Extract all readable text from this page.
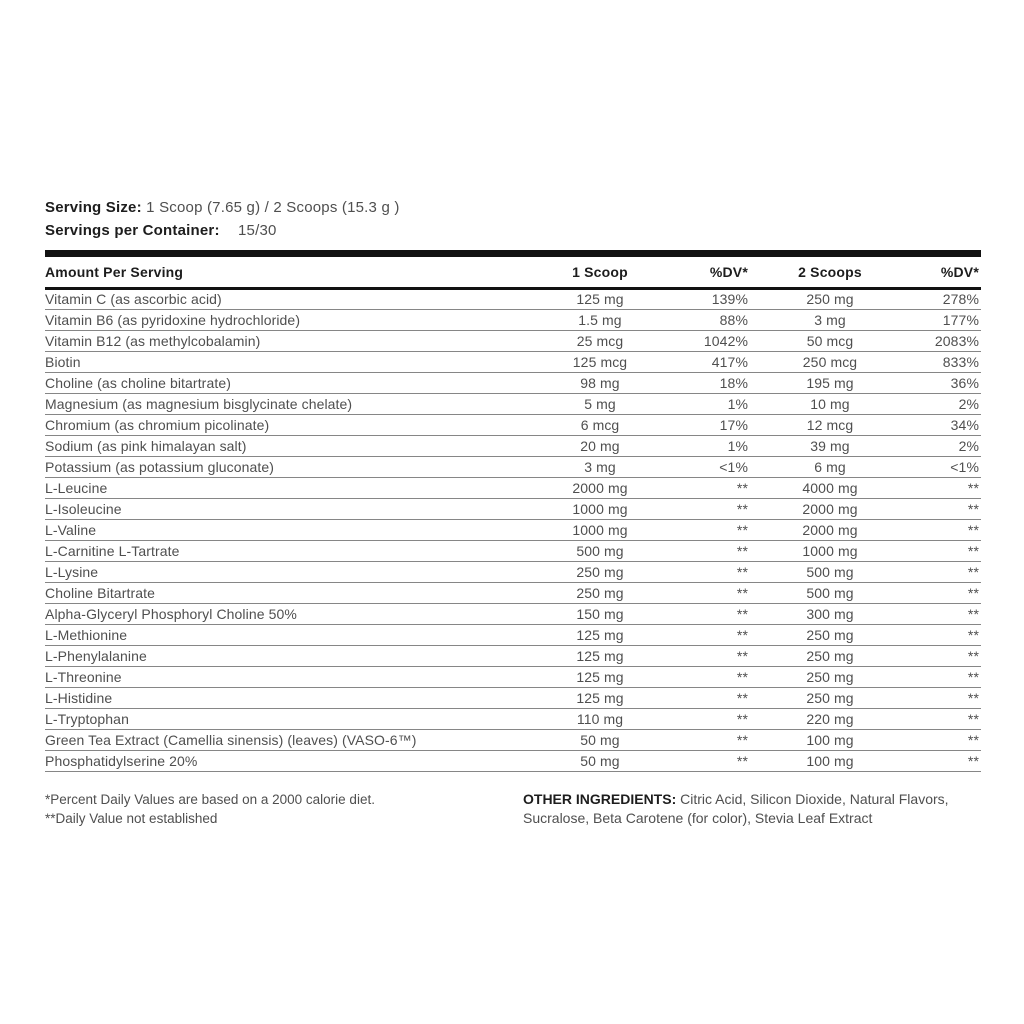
Serving Size: 1 Scoop (7.65 g) / 2 Scoops (15.3 g )
Servings per Container: 15/30
Amount Per Serving	1 Scoop	%DV*	2 Scoops	%DV*
Vitamin C (as ascorbic acid)	125 mg	139%	250 mg	278%
Vitamin B6 (as pyridoxine hydrochloride)	1.5 mg	88%	3 mg	177%
Vitamin B12 (as methylcobalamin)	25 mcg	1042%	50 mcg	2083%
Biotin	125 mcg	417%	250 mcg	833%
Choline (as choline bitartrate)	98 mg	18%	195 mg	36%
Magnesium (as magnesium bisglycinate chelate)	5 mg	1%	10 mg	2%
Chromium (as chromium picolinate)	6 mcg	17%	12 mcg	34%
Sodium (as pink himalayan salt)	20 mg	1%	39 mg	2%
Potassium (as potassium gluconate)	3 mg	<1%	6 mg	<1%
L-Leucine	2000 mg	**	4000 mg	**
L-Isoleucine	1000 mg	**	2000 mg	**
L-Valine	1000 mg	**	2000 mg	**
L-Carnitine L-Tartrate	500 mg	**	1000 mg	**
L-Lysine	250 mg	**	500 mg	**
Choline Bitartrate	250 mg	**	500 mg	**
Alpha-Glyceryl Phosphoryl Choline 50%	150 mg	**	300 mg	**
L-Methionine	125 mg	**	250 mg	**
L-Phenylalanine	125 mg	**	250 mg	**
L-Threonine	125 mg	**	250 mg	**
L-Histidine	125 mg	**	250 mg	**
L-Tryptophan	110 mg	**	220 mg	**
Green Tea Extract (Camellia sinensis) (leaves) (VASO-6™)	50 mg	**	100 mg	**
Phosphatidylserine 20%	50 mg	**	100 mg	**
*Percent Daily Values are based on a 2000 calorie diet.
**Daily Value not established
OTHER INGREDIENTS: Citric Acid, Silicon Dioxide, Natural Flavors, Sucralose, Beta Carotene (for color), Stevia Leaf Extract
